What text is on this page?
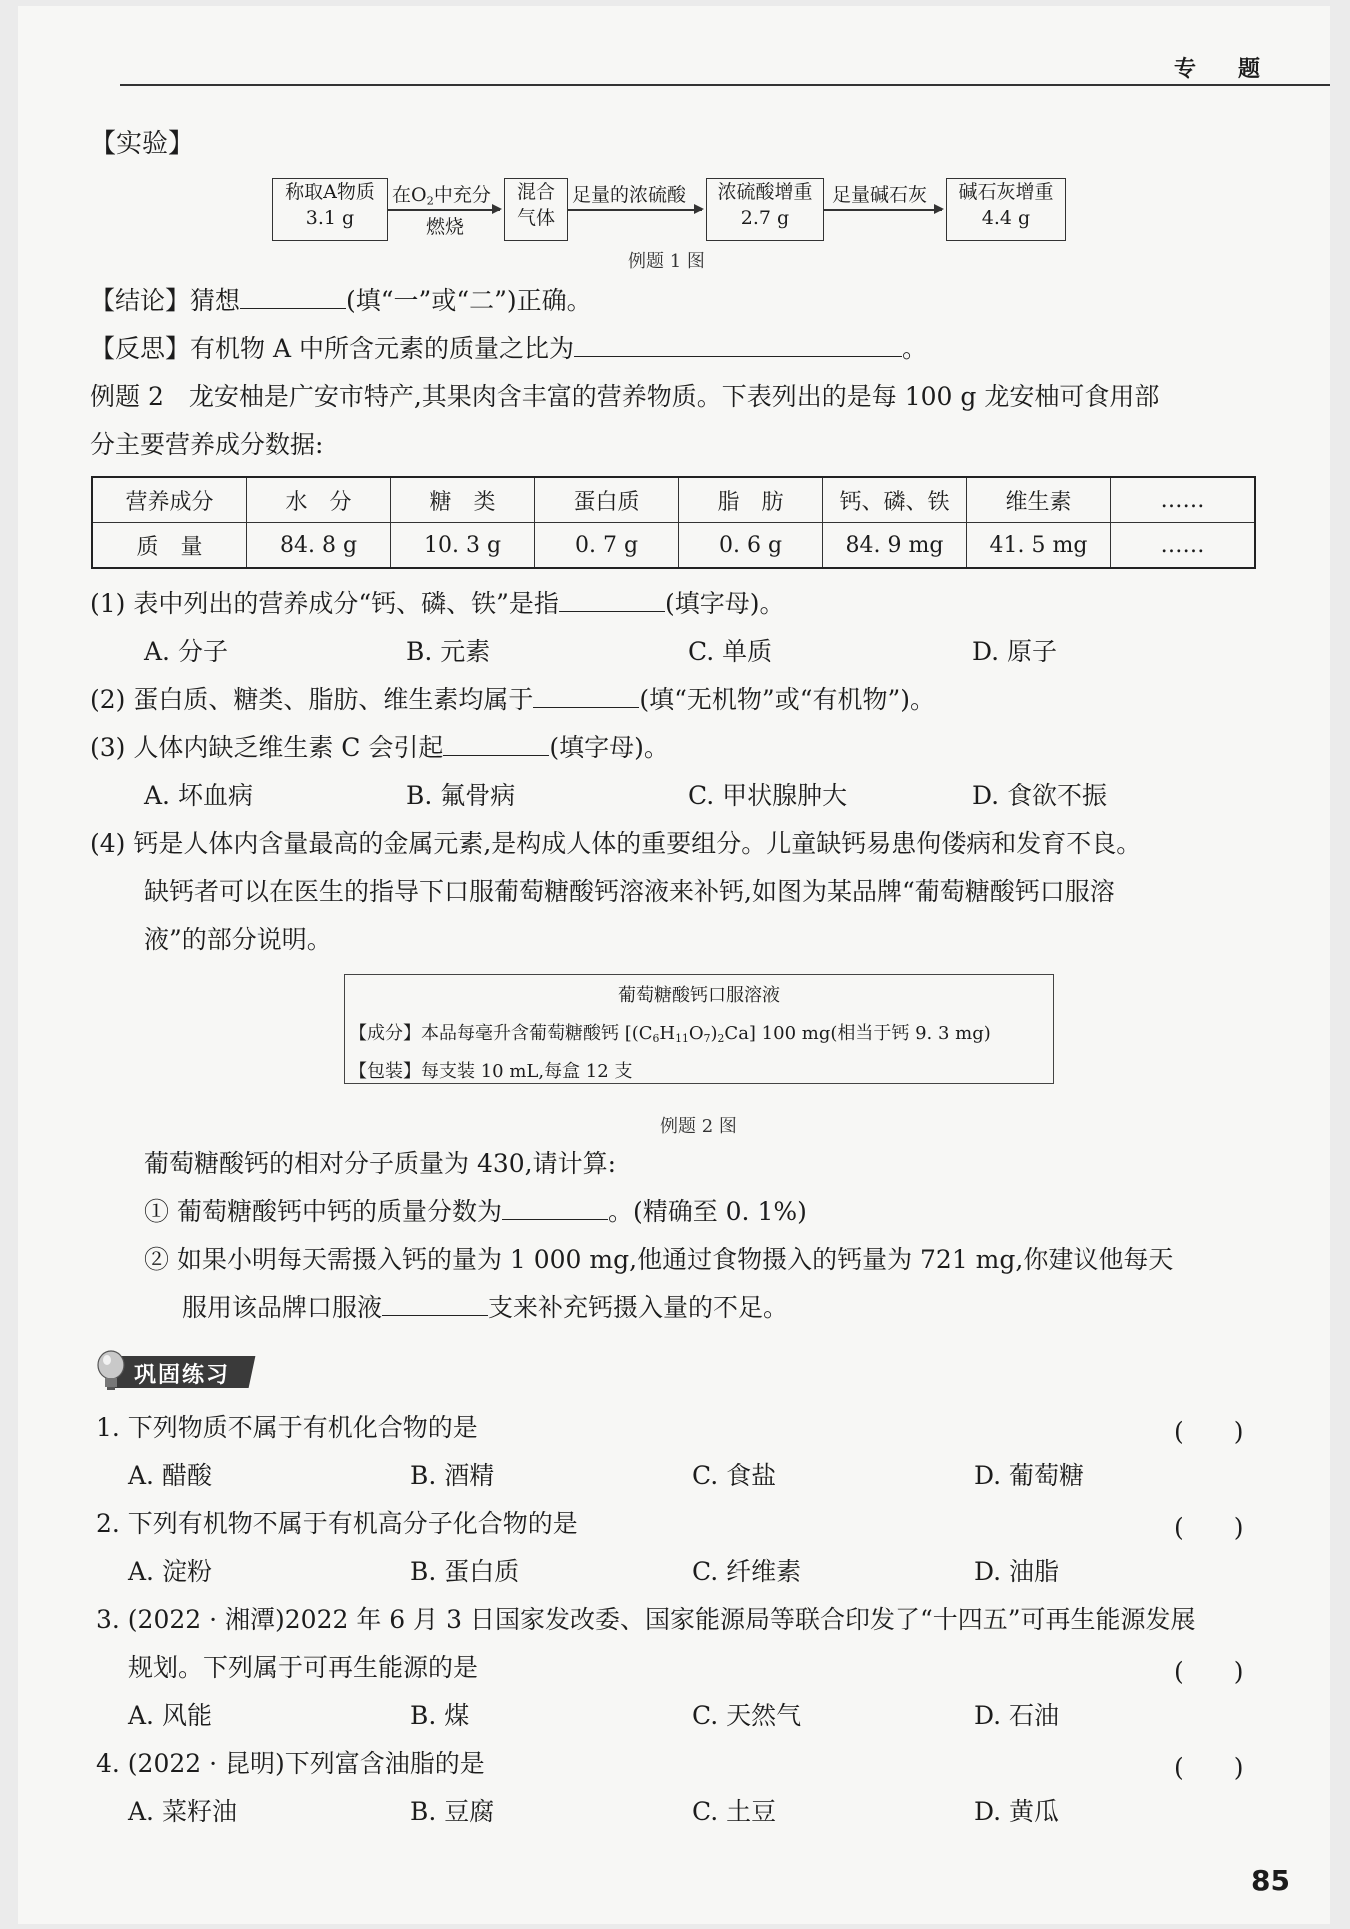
专　题
【实验】
称取A物质
3.1 g
在$O_2$中充分
燃烧
混合
气体
足量的浓硫酸	浓硫酸增重
2.7 g
足量碱石灰	碱石灰增重
4.4 g
例题 1 图
【结论】猜想	(填“一”或“二”)正确。
【反思】有机物 A 中所含元素的质量之比为	。
例题 2　龙安柚是广安市特产,其果肉含丰富的营养物质。下表列出的是每 100 g 龙安柚可食用部
分主要营养成分数据:
营养成分	水　分	糖　类	蛋白质	脂　肪	钙、磷、铁	维生素	……
质　量	84. 8 g	10. 3 g	0. 7 g	0. 6 g	84. 9 mg	41. 5 mg	……
(1) 表中列出的营养成分“钙、磷、铁”是指	(填字母)。
A. 分子	B. 元素	C. 单质	D. 原子
(2) 蛋白质、糖类、脂肪、维生素均属于	(填“无机物”或“有机物”)。
(3) 人体内缺乏维生素 C 会引起	(填字母)。
A. 坏血病	B. 氟骨病	C. 甲状腺肿大	D. 食欲不振
(4) 钙是人体内含量最高的金属元素,是构成人体的重要组分。儿童缺钙易患佝偻病和发育不良。
缺钙者可以在医生的指导下口服葡萄糖酸钙溶液来补钙,如图为某品牌“葡萄糖酸钙口服溶
液”的部分说明。
葡萄糖酸钙口服溶液
【成分】本品每毫升含葡萄糖酸钙 $[(C_6H_{11}O_7)_2Ca]$ 100 mg(相当于钙 9. 3 mg)
【包装】每支装 10 mL,每盒 12 支
例题 2 图
葡萄糖酸钙的相对分子质量为 430,请计算:
① 葡萄糖酸钙中钙的质量分数为	。(精确至 0. 1%)
② 如果小明每天需摄入钙的量为 1 000 mg,他通过食物摄入的钙量为 721 mg,你建议他每天
服用该品牌口服液	支来补充钙摄入量的不足。
巩固练习
1. 下列物质不属于有机化合物的是	(　　)
A. 醋酸	B. 酒精	C. 食盐	D. 葡萄糖
2. 下列有机物不属于有机高分子化合物的是	(　　)
A. 淀粉	B. 蛋白质	C. 纤维素	D. 油脂
3. (2022 · 湘潭)2022 年 6 月 3 日国家发改委、国家能源局等联合印发了“十四五”可再生能源发展
规划。下列属于可再生能源的是	(　　)
A. 风能	B. 煤	C. 天然气	D. 石油
4. (2022 · 昆明)下列富含油脂的是	(　　)
A. 菜籽油	B. 豆腐	C. 土豆	D. 黄瓜
85
